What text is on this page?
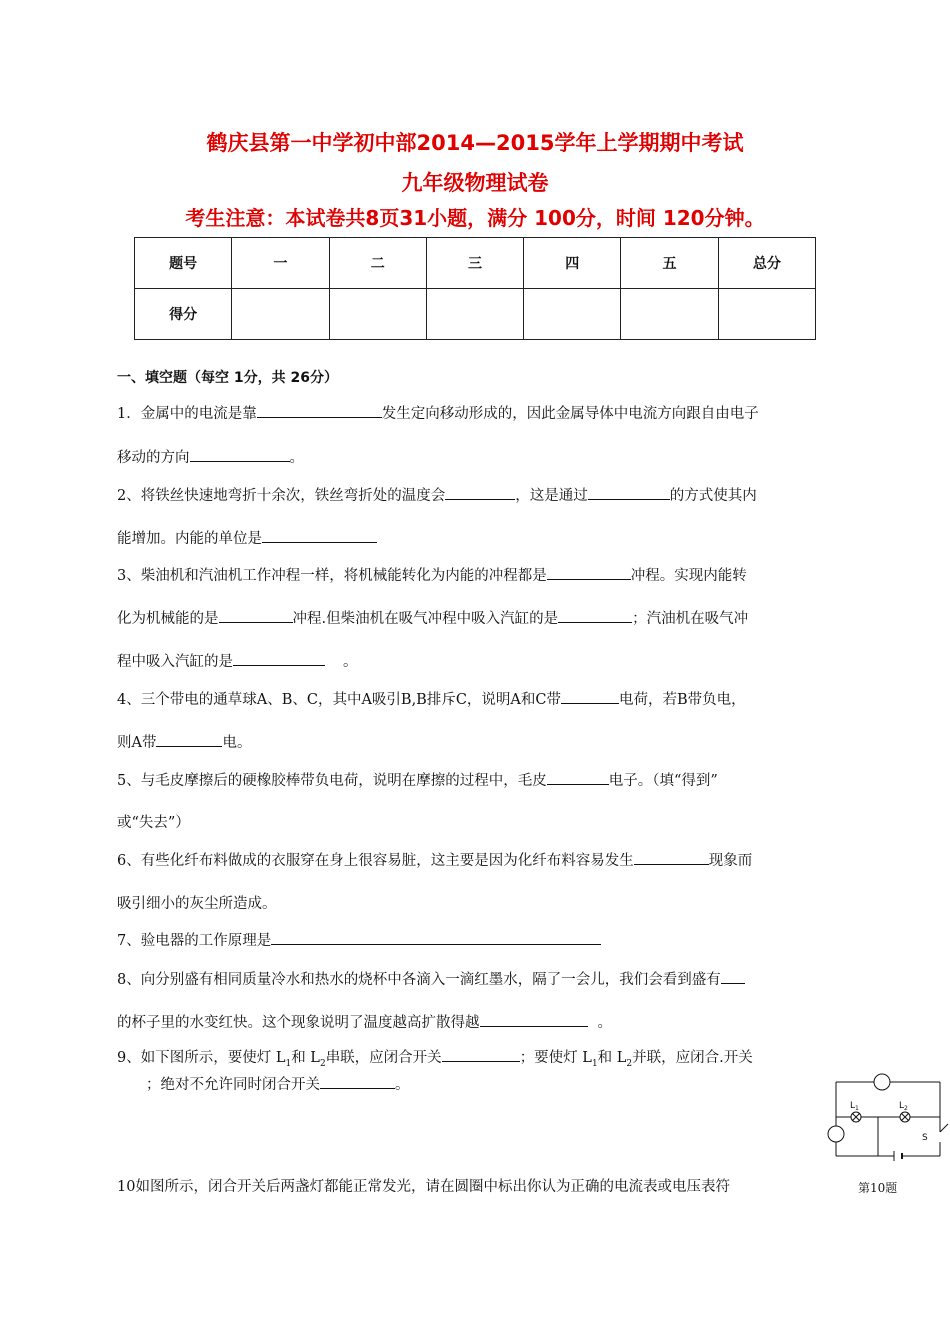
鹤庆县第一中学初中部2014—2015学年上学期期中考试
九年级物理试卷
考生注意：本试卷共8页31小题，满分 100分，时间 120分钟。
题号	一	二	三	四	五	总分
得分						
一、填空题（每空 1分，共 26分）
1．金属中的电流是靠	发生定向移动形成的，因此金属导体中电流方向跟自由电子
移动的方向	。
2、将铁丝快速地弯折十余次，铁丝弯折处的温度会	，这是通过	的方式使其内
能增加。内能的单位是
3、柴油机和汽油机工作冲程一样，将机械能转化为内能的冲程都是	冲程。实现内能转
化为机械能的是	冲程.但柴油机在吸气冲程中吸入汽缸的是	；汽油机在吸气冲
程中吸入汽缸的是	。
4、三个带电的通草球A、B、C，其中A吸引B,B排斥C，说明A和C带	电荷，若B带负电，
则A带	电。
5、与毛皮摩擦后的硬橡胶棒带负电荷，说明在摩擦的过程中，毛皮	电子。（填“得到”
或“失去”）
6、有些化纤布料做成的衣服穿在身上很容易脏，这主要是因为化纤布料容易发生	现象而
吸引细小的灰尘所造成。
7、验电器的工作原理是
8、向分别盛有相同质量冷水和热水的烧杯中各滴入一滴红墨水，隔了一会儿，我们会看到盛有
的杯子里的水变红快。这个现象说明了温度越高扩散得越	。
9、如下图所示，要使灯 $L_1$和 $L_2$串联，应闭合开关	；要使灯 $L_1$和 $L_2$并联，应闭合.开关
；绝对不允许同时闭合开关	。
10如图所示，闭合开关后两盏灯都能正常发光，请在圆圈中标出你认为正确的电流表或电压表符
$L_1$	$L_2$
S
第10题
